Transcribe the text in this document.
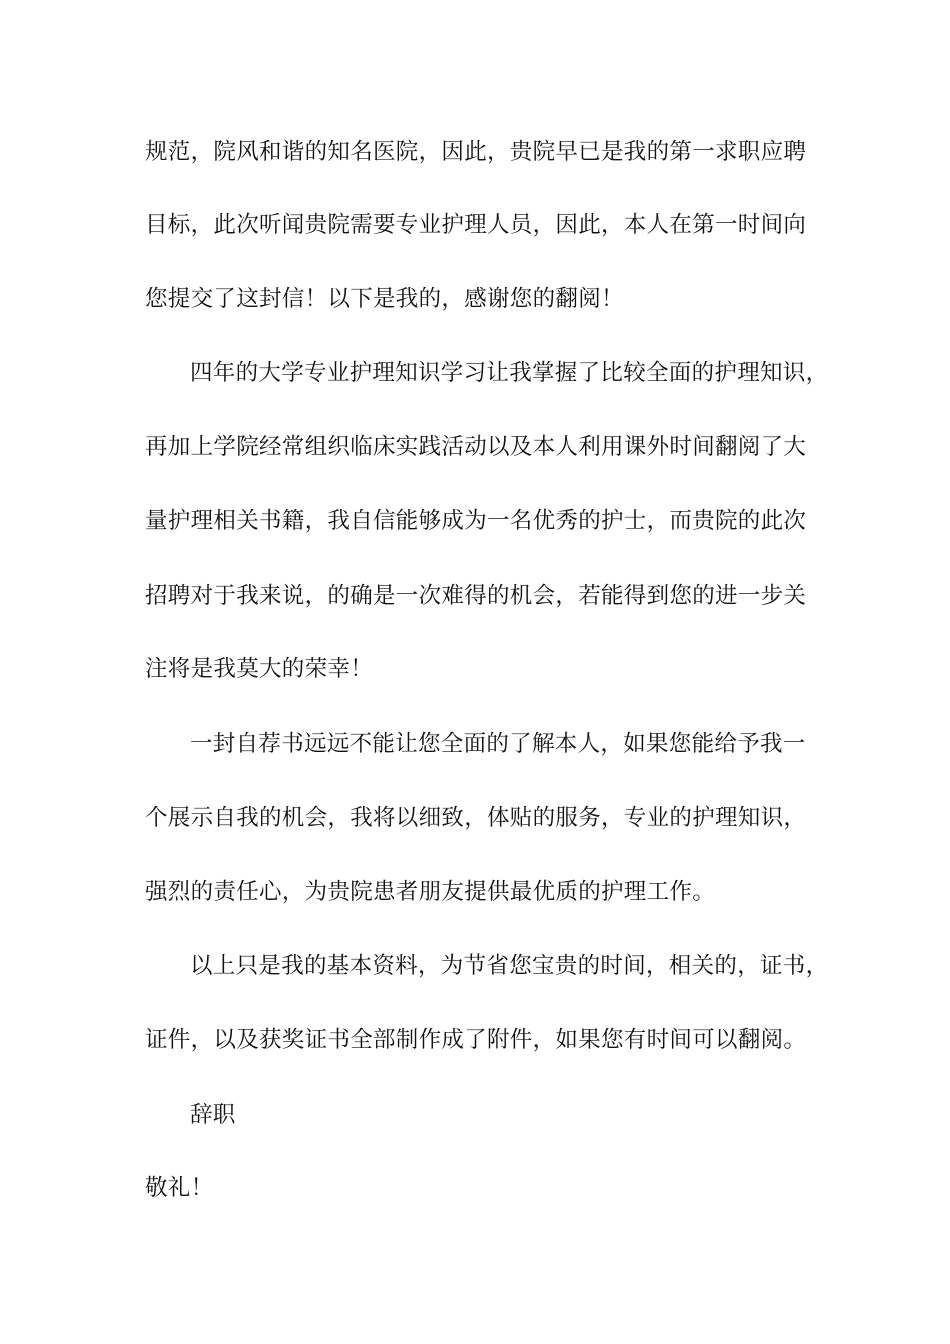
规范，院风和谐的知名医院，因此，贵院早已是我的第一求职应聘

目标，此次听闻贵院需要专业护理人员，因此，本人在第一时间向

您提交了这封信！以下是我的，感谢您的翻阅！

四年的大学专业护理知识学习让我掌握了比较全面的护理知识，

再加上学院经常组织临床实践活动以及本人利用课外时间翻阅了大

量护理相关书籍，我自信能够成为一名优秀的护士，而贵院的此次

招聘对于我来说，的确是一次难得的机会，若能得到您的进一步关

注将是我莫大的荣幸！

一封自荐书远远不能让您全面的了解本人，如果您能给予我一

个展示自我的机会，我将以细致，体贴的服务，专业的护理知识，

强烈的责任心，为贵院患者朋友提供最优质的护理工作。

以上只是我的基本资料，为节省您宝贵的时间，相关的，证书，

证件，以及获奖证书全部制作成了附件，如果您有时间可以翻阅。

辞职

敬礼！
